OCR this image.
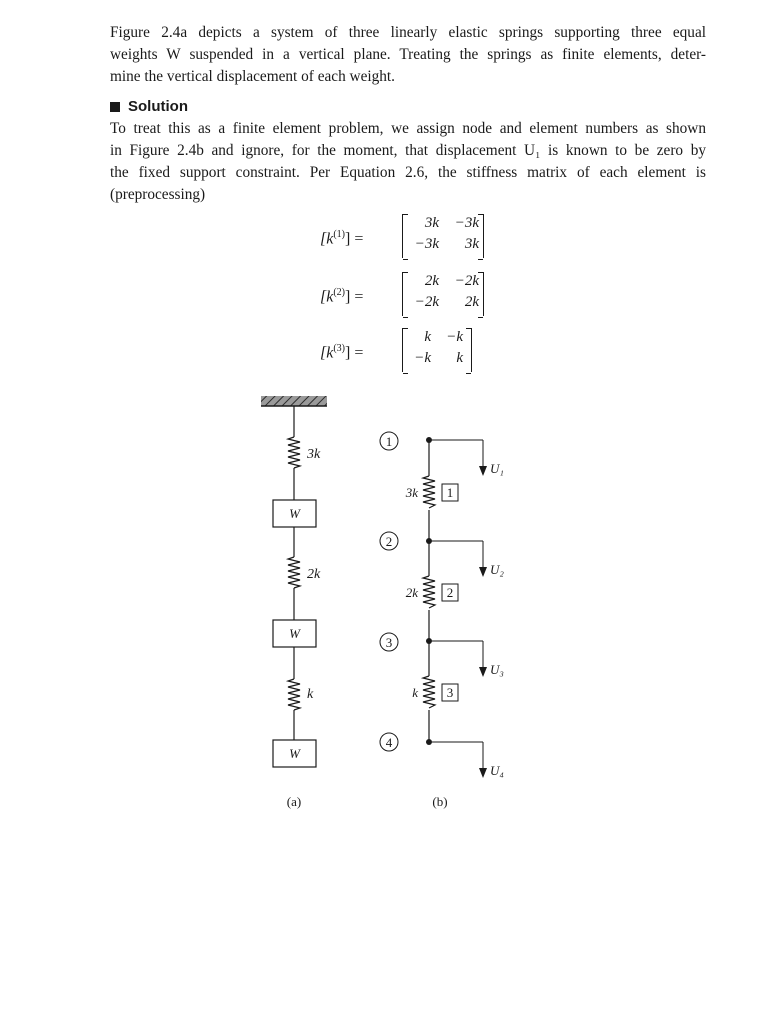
Figure 2.4a depicts a system of three linearly elastic springs supporting three equal
weights W suspended in a vertical plane. Treating the springs as finite elements, deter-
mine the vertical displacement of each weight.
Solution
To treat this as a finite element problem, we assign node and element numbers as shown
in Figure 2.4b and ignore, for the moment, that displacement U₁ is known to be zero by
the fixed support constraint. Per Equation 2.6, the stiffness matrix of each element is
(preprocessing)
$[k^{(1)}]$ =
3k	−3k
−3k	3k
$[k^{(2)}]$ =
2k	−2k
−2k	2k
$[k^{(3)}]$ =
k	−k
−k	k
3k
W
2k
W
k
W
(a)
1
2
3
4
3k
2k
k
1
2
3
U₁
U₂
U₃
U₄
(b)
